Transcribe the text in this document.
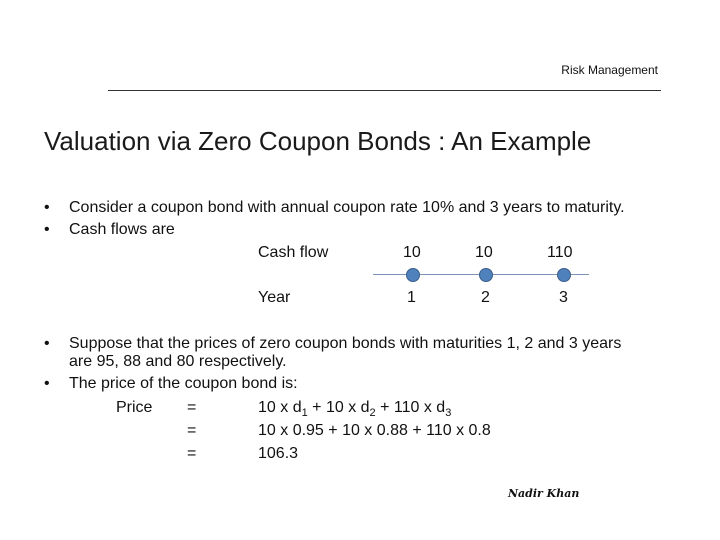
Risk Management
Valuation via Zero Coupon Bonds : An Example
• Consider a coupon bond with annual coupon rate 10% and 3 years to maturity.
• Cash flows are
Cash flow	10	10	110
Year	1	2	3
• Suppose that the prices of zero coupon bonds with maturities 1, 2 and 3 years
are 95, 88 and 80 respectively.
• The price of the coupon bond is:
Price =	10 x $d_1 + 10$ x $d_2 + 110$ x $d_3$
=	10 x 0.95 + 10 x 0.88 + 110 x 0.8
=	106.3
Nadir Khan
